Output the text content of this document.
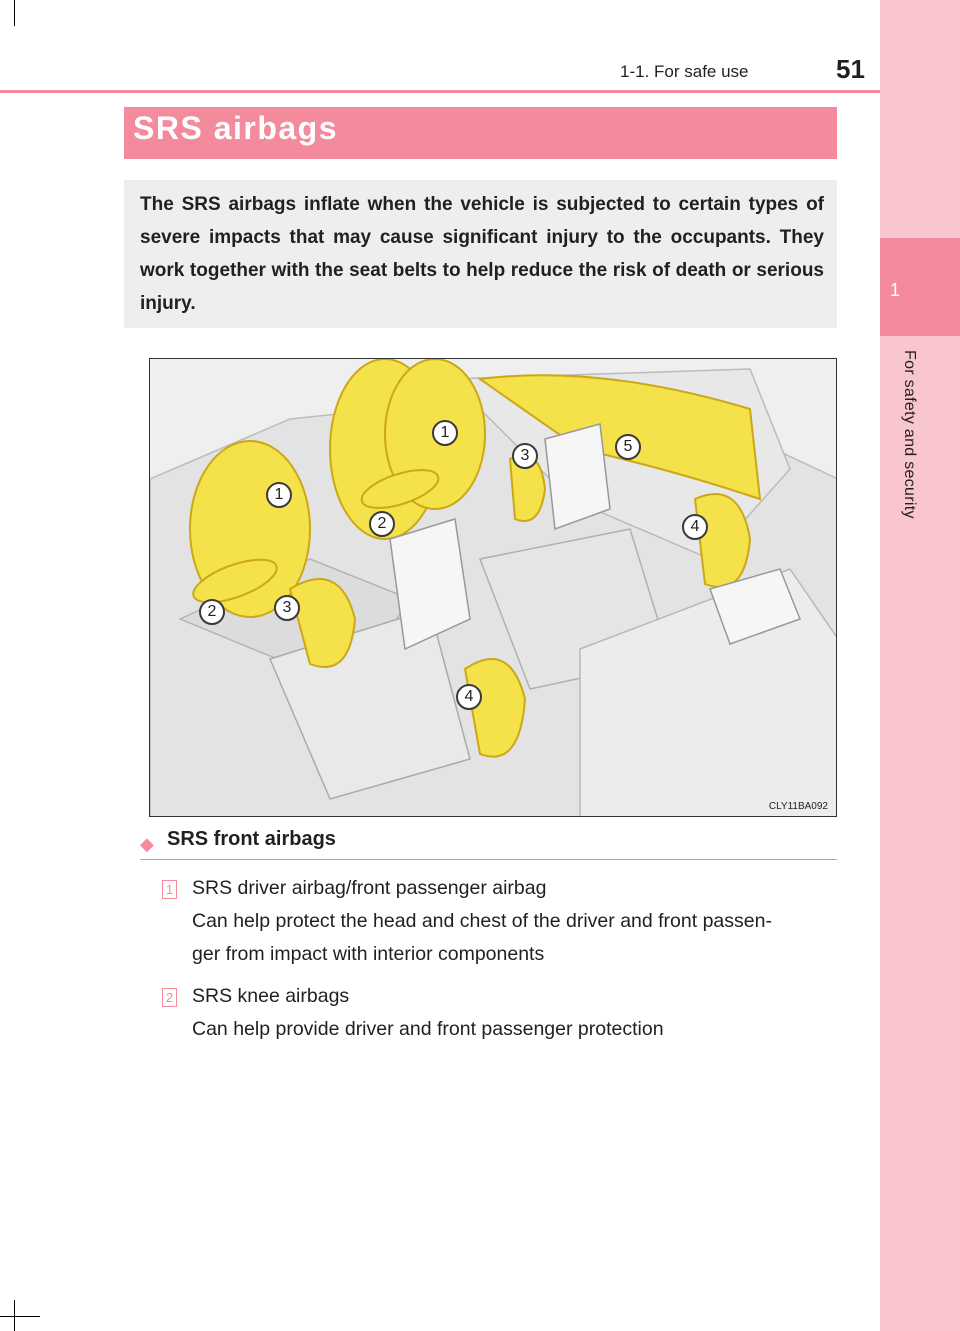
1
For safety and security
1-1. For safe use	51
SRS airbags
The SRS airbags inflate when the vehicle is subjected to certain types of severe impacts that may cause significant injury to the occupants. They work together with the seat belts to help reduce the risk of death or serious injury.
1
1
2
2
3
3
4
4
5
CLY11BA092
◆ SRS front airbags
1 SRS driver airbag/front passenger airbag
Can help protect the head and chest of the driver and front passen-
ger from impact with interior components
2 SRS knee airbags
Can help provide driver and front passenger protection
